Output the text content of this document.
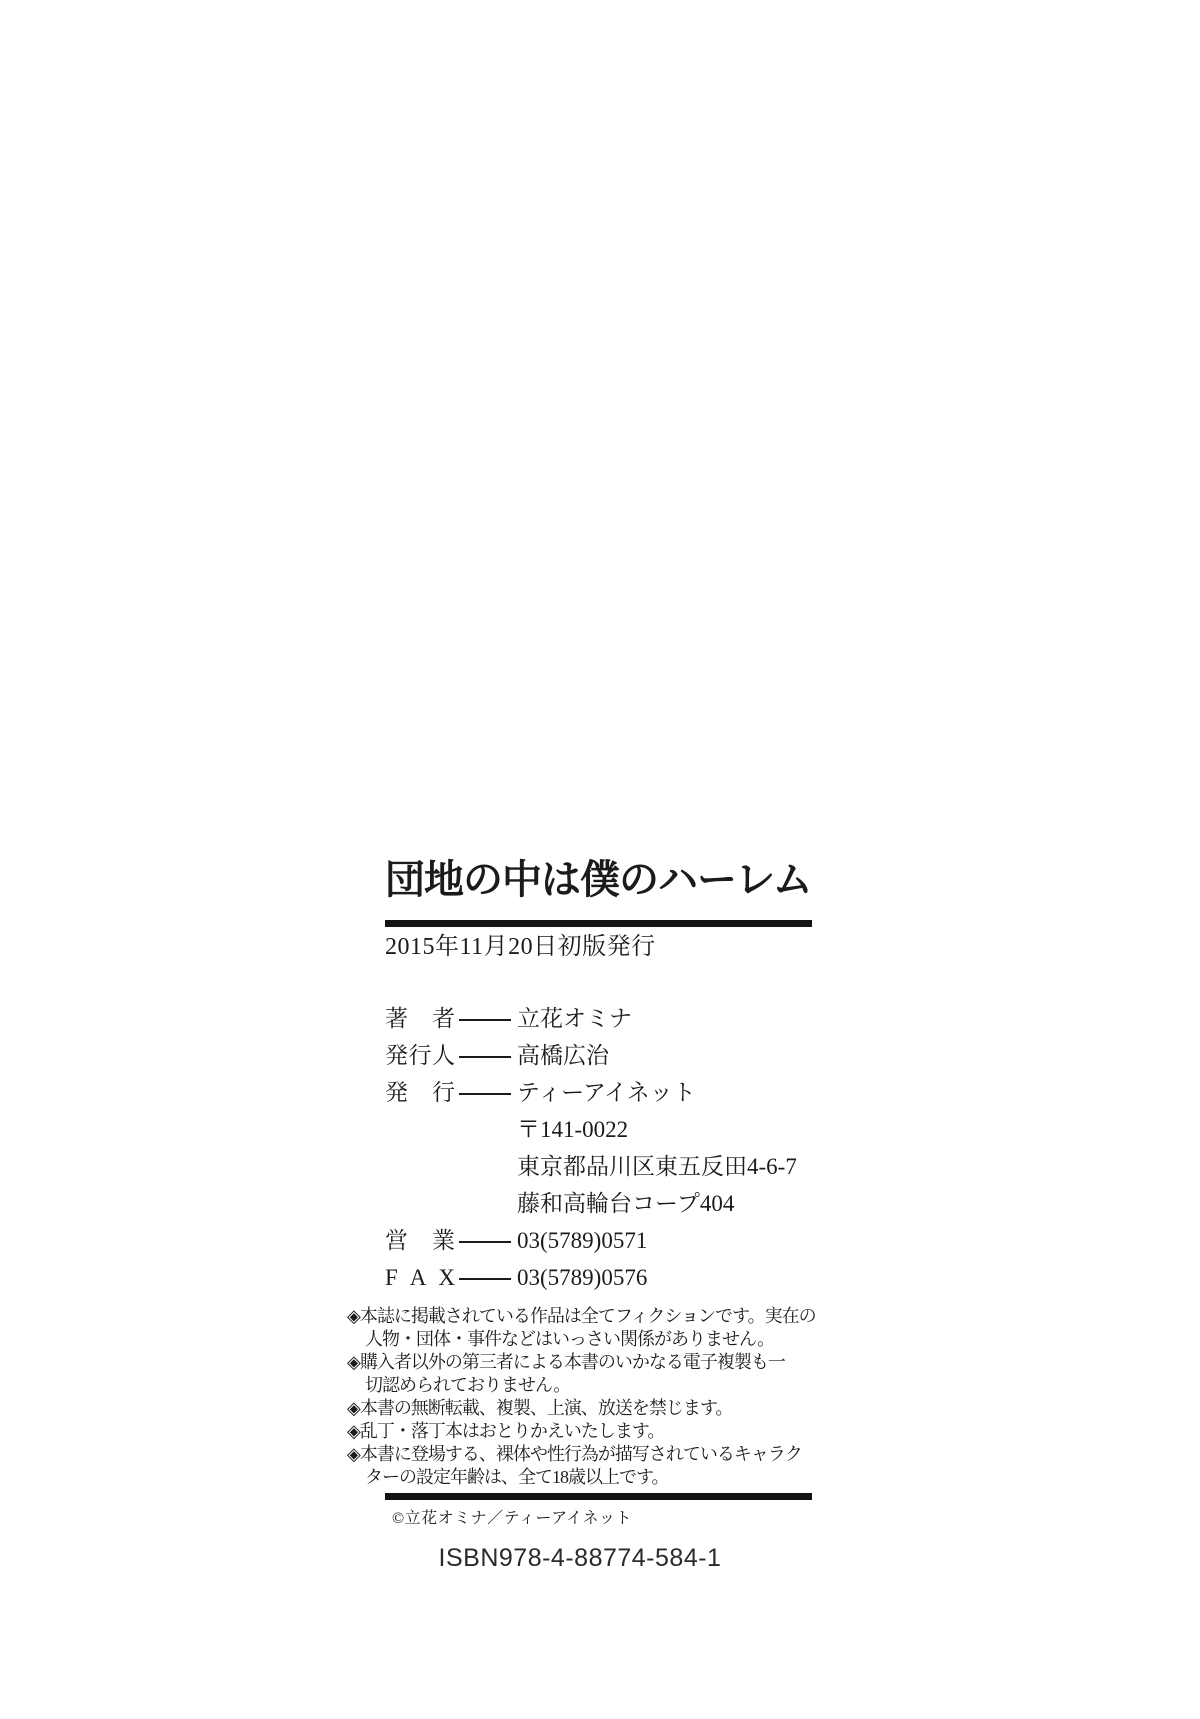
団地の中は僕のハーレム
2015年11月20日初版発行
著　者	立花オミナ
発行人	高橋広治
発　行	ティーアイネット
〒141-0022
東京都品川区東五反田4-6-7
藤和高輪台コープ404
営　業	03(5789)0571
F A X	03(5789)0576
◈本誌に掲載されている作品は全てフィクションです。実在の
人物・団体・事件などはいっさい関係がありません。
◈購入者以外の第三者による本書のいかなる電子複製も一
切認められておりません。
◈本書の無断転載、複製、上演、放送を禁じます。
◈乱丁・落丁本はおとりかえいたします。
◈本書に登場する、裸体や性行為が描写されているキャラク
ターの設定年齢は、全て18歳以上です。
©立花オミナ／ティーアイネット
ISBN978-4-88774-584-1
